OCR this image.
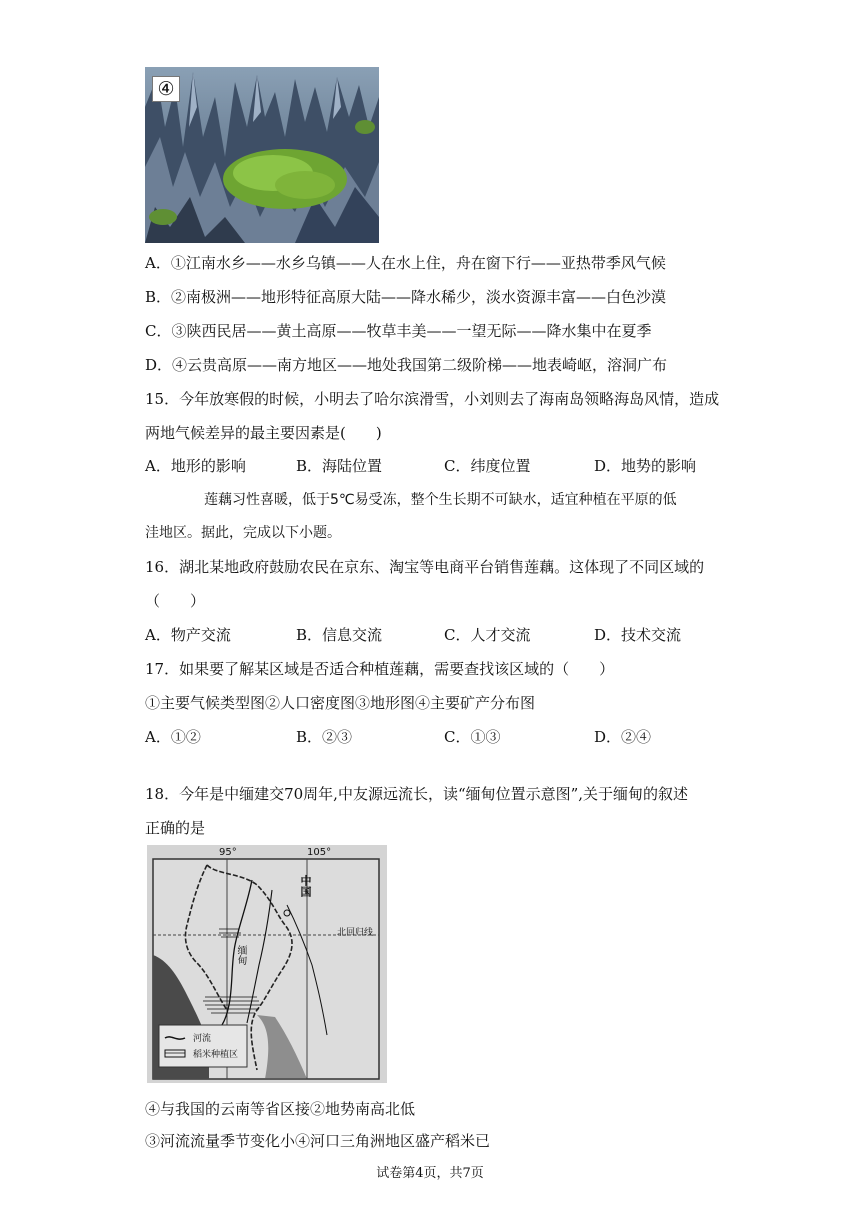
④
A．①江南水乡——水乡乌镇——人在水上住，舟在窗下行——亚热带季风气候
B．②南极洲——地形特征高原大陆——降水稀少，淡水资源丰富——白色沙漠
C．③陕西民居——黄土高原——牧草丰美——一望无际——降水集中在夏季
D．④云贵高原——南方地区——地处我国第二级阶梯——地表崎岖，溶洞广布
15．今年放寒假的时候，小明去了哈尔滨滑雪，小刘则去了海南岛领略海岛风情，造成
两地气候差异的最主要因素是(　　)
A．地形的影响	B．海陆位置	C．纬度位置	D．地势的影响
莲藕习性喜暖，低于5℃易受冻，整个生长期不可缺水，适宜种植在平原的低
洼地区。据此，完成以下小题。
16．湖北某地政府鼓励农民在京东、淘宝等电商平台销售莲藕。这体现了不同区域的
（　　）
A．物产交流	B．信息交流	C．人才交流	D．技术交流
17．如果要了解某区域是否适合种植莲藕，需要查找该区域的（　　）
①主要气候类型图②人口密度图③地形图④主要矿产分布图
A．①②	B．②③	C．①③	D．②④
18．今年是中缅建交70周年,中友源远流长，读“缅甸位置示意图”,关于缅甸的叙述
正确的是
95°	105°
北回归线
缅甸
河流
稻米种植区
④与我国的云南等省区接②地势南高北低
③河流流量季节变化小④河口三角洲地区盛产稻米已
试卷第4页，共7页
